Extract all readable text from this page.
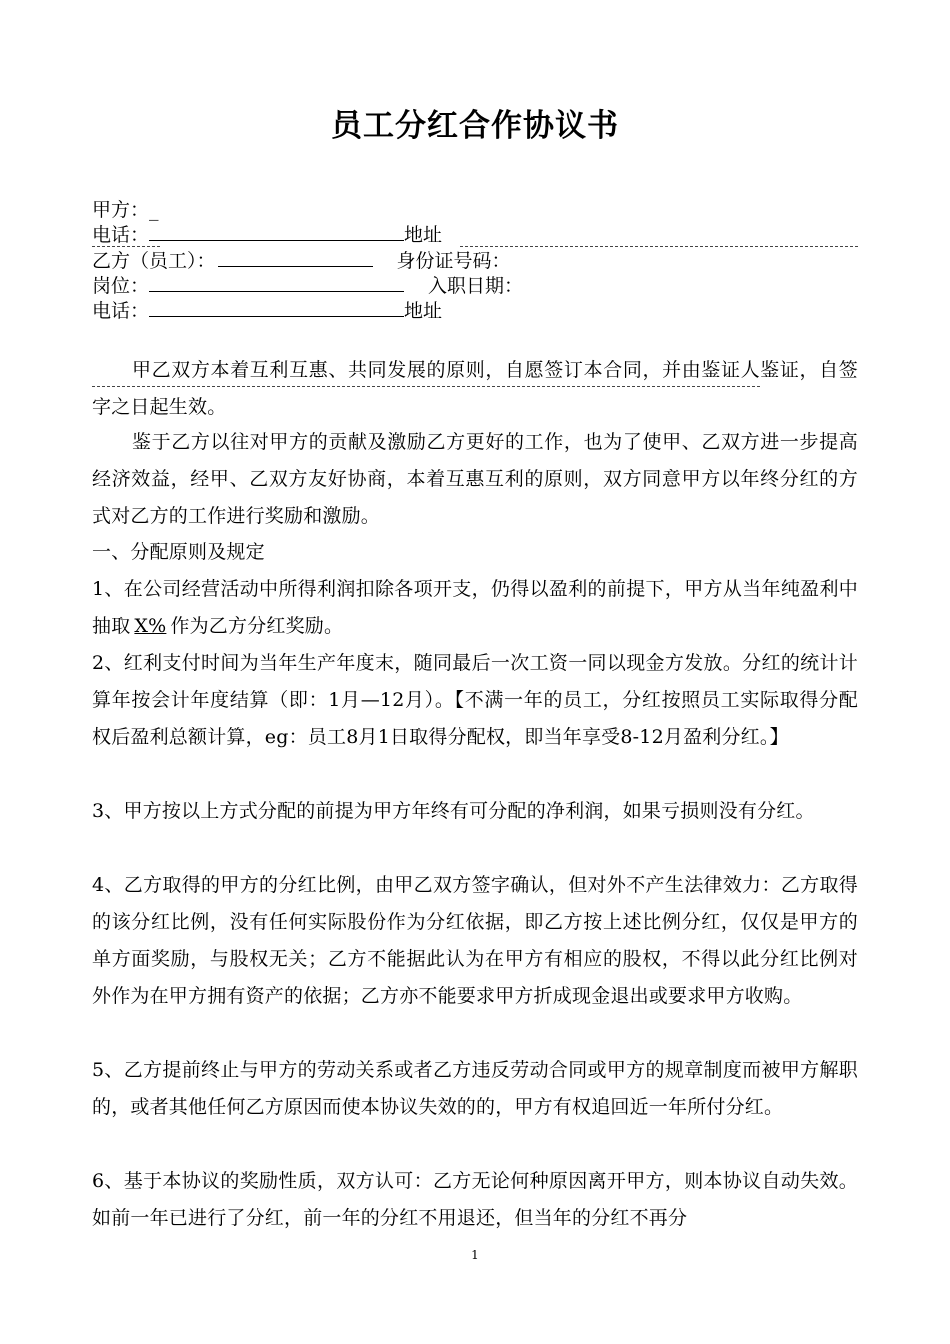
员工分红合作协议书
甲方：_
电话：	地址
乙方（员工）：	身份证号码：
岗位：	入职日期：
电话：	地址
甲乙双方本着互利互惠、共同发展的原则，自愿签订本合同，并由鉴证人鉴证，自签字之日起生效。
鉴于乙方以往对甲方的贡献及激励乙方更好的工作，也为了使甲、乙双方进一步提高经济效益，经甲、乙双方友好协商，本着互惠互利的原则，双方同意甲方以年终分红的方式对乙方的工作进行奖励和激励。
一、分配原则及规定
1、在公司经营活动中所得利润扣除各项开支，仍得以盈利的前提下，甲方从当年纯盈利中抽取 X% 作为乙方分红奖励。
2、红利支付时间为当年生产年度末，随同最后一次工资一同以现金方发放。分红的统计计算年按会计年度结算（即：1月—12月）。【不满一年的员工，分红按照员工实际取得分配权后盈利总额计算，eg：员工8月1日取得分配权，即当年享受8-12月盈利分红。】
3、甲方按以上方式分配的前提为甲方年终有可分配的净利润，如果亏损则没有分红。
4、乙方取得的甲方的分红比例，由甲乙双方签字确认，但对外不产生法律效力：乙方取得的该分红比例，没有任何实际股份作为分红依据，即乙方按上述比例分红，仅仅是甲方的单方面奖励，与股权无关；乙方不能据此认为在甲方有相应的股权，不得以此分红比例对外作为在甲方拥有资产的依据；乙方亦不能要求甲方折成现金退出或要求甲方收购。
5、乙方提前终止与甲方的劳动关系或者乙方违反劳动合同或甲方的规章制度而被甲方解职的，或者其他任何乙方原因而使本协议失效的的，甲方有权追回近一年所付分红。
6、基于本协议的奖励性质，双方认可：乙方无论何种原因离开甲方，则本协议自动失效。如前一年已进行了分红，前一年的分红不用退还，但当年的分红不再分
1
